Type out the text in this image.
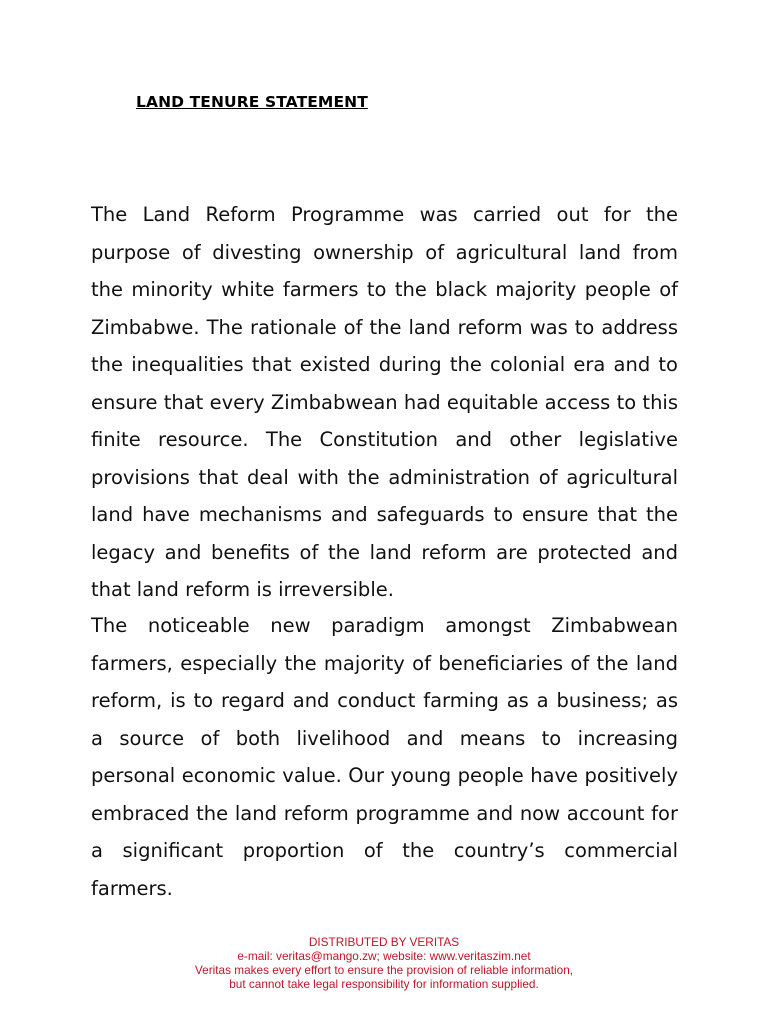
LAND TENURE STATEMENT

The Land Reform Programme was carried out for the purpose of divesting ownership of agricultural land from the minority white farmers to the black majority people of Zimbabwe. The rationale of the land reform was to address the inequalities that existed during the colonial era and to ensure that every Zimbabwean had equitable access to this finite resource. The Constitution and other legislative provisions that deal with the administration of agricultural land have mechanisms and safeguards to ensure that the legacy and benefits of the land reform are protected and that land reform is irreversible.

The noticeable new paradigm amongst Zimbabwean farmers, especially the majority of beneficiaries of the land reform, is to regard and conduct farming as a business; as a source of both livelihood and means to increasing personal economic value. Our young people have positively embraced the land reform programme and now account for a significant proportion of the country’s commercial farmers.

DISTRIBUTED BY VERITAS
e-mail: veritas@mango.zw; website: www.veritaszim.net
Veritas makes every effort to ensure the provision of reliable information,
but cannot take legal responsibility for information supplied.
